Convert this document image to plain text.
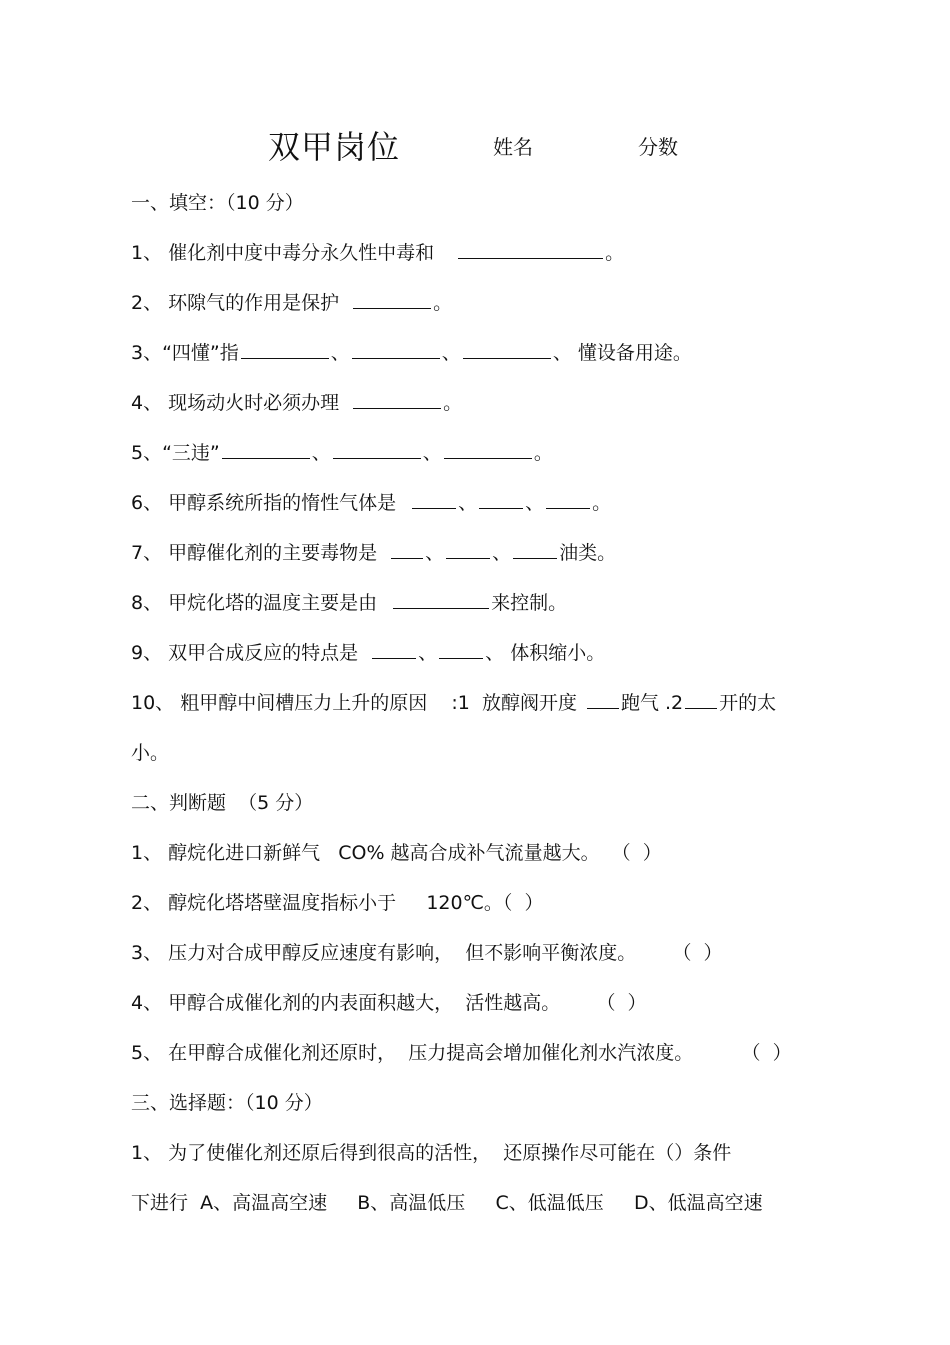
双甲岗位	姓名	分数
一、填空：（10 分）
1、 催化剂中度中毒分永久性中毒和	。
2、 环隙气的作用是保护	。
3、“四懂”指	、	、	、 懂设备用途。
4、 现场动火时必须办理	。
5、“三违”	、	、	。
6、 甲醇系统所指的惰性气体是	、	、	。
7、 甲醇催化剂的主要毒物是	、	、	油类。
8、 甲烷化塔的温度主要是由	来控制。
9、 双甲合成反应的特点是	、	、 体积缩小。
10、 粗甲醇中间槽压力上升的原因    :1  放醇阀开度 跑气 .2 开的太
小。
二、判断题  （5 分）
1、 醇烷化进口新鲜气   CO% 越高合成补气流量越大。  （  ）
2、 醇烷化塔塔壁温度指标小于     120℃。（  ）
3、 压力对合成甲醇反应速度有影响，  但不影响平衡浓度。      （  ）
4、 甲醇合成催化剂的内表面积越大，  活性越高。      （  ）
5、 在甲醇合成催化剂还原时，  压力提高会增加催化剂水汽浓度。        （  ）
三、选择题：（10 分）
1、 为了使催化剂还原后得到很高的活性，  还原操作尽可能在（）条件
下进行  A、高温高空速     B、高温低压     C、低温低压     D、低温高空速
